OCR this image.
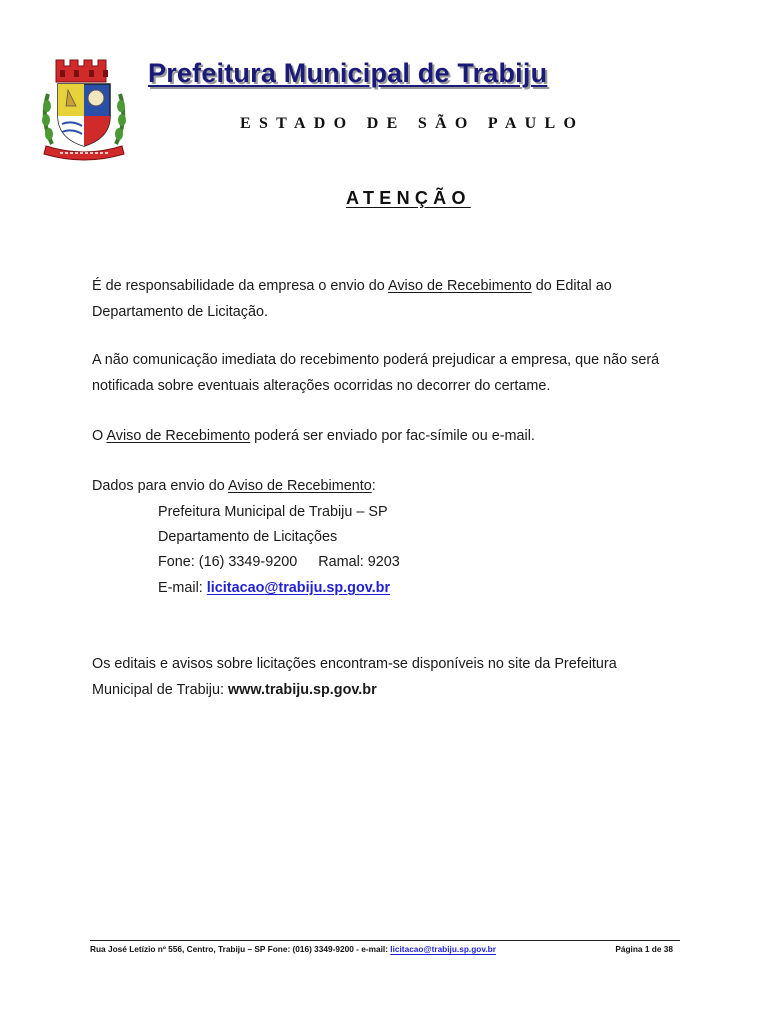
Prefeitura Municipal de Trabiju
ESTADO DE SÃO PAULO
ATENÇÃO
É de responsabilidade da empresa o envio do Aviso de Recebimento do Edital ao Departamento de Licitação.
A não comunicação imediata do recebimento poderá prejudicar a empresa, que não será notificada sobre eventuais alterações ocorridas no decorrer do certame.
O Aviso de Recebimento poderá ser enviado por fac-símile ou e-mail.
Dados para envio do Aviso de Recebimento:
Prefeitura Municipal de Trabiju – SP
Departamento de Licitações
Fone: (16) 3349-9200 Ramal: 9203
E-mail: licitacao@trabiju.sp.gov.br
Os editais e avisos sobre licitações encontram-se disponíveis no site da Prefeitura Municipal de Trabiju: www.trabiju.sp.gov.br
Rua José Letízio nº 556, Centro, Trabiju – SP Fone: (016) 3349-9200 - e-mail: licitacao@trabiju.sp.gov.br	Página 1 de 38
